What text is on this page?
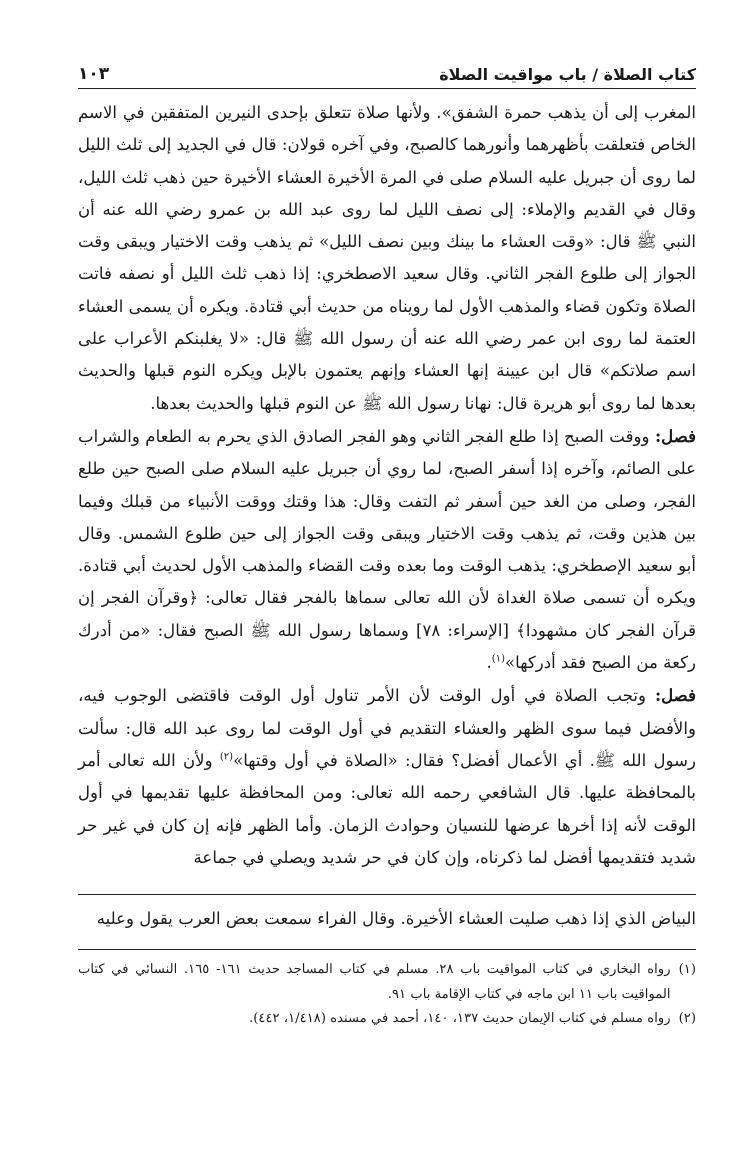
كتاب الصلاة / باب مواقيت الصلاة
١٠٣

المغرب إلى أن يذهب حمرة الشفق». ولأنها صلاة تتعلق بإحدى النيرين المتفقين في الاسم الخاص فتعلقت بأظهرهما وأنورهما كالصبح، وفي آخره قولان: قال في الجديد إلى ثلث الليل لما روى أن جبريل عليه السلام صلى في المرة الأخيرة العشاء الأخيرة حين ذهب ثلث الليل، وقال في القديم والإملاء: إلى نصف الليل لما روى عبد الله بن عمرو رضي الله عنه أن النبي ﷺ قال: «وقت العشاء ما بينك وبين نصف الليل» ثم يذهب وقت الاختيار ويبقى وقت الجواز إلى طلوع الفجر الثاني. وقال سعيد الاصطخري: إذا ذهب ثلث الليل أو نصفه فاتت الصلاة وتكون قضاء والمذهب الأول لما رويناه من حديث أبي قتادة. ويكره أن يسمى العشاء العتمة لما روى ابن عمر رضي الله عنه أن رسول الله ﷺ قال: «لا يغلبنكم الأعراب على اسم صلاتكم» قال ابن عيينة إنها العشاء وإنهم يعتمون بالإبل ويكره النوم قبلها والحديث بعدها لما روى أبو هريرة قال: نهانا رسول الله ﷺ عن النوم قبلها والحديث بعدها.

فصل: ووقت الصبح إذا طلع الفجر الثاني وهو الفجر الصادق الذي يحرم به الطعام والشراب على الصائم، وآخره إذا أسفر الصبح، لما روي أن جبريل عليه السلام صلى الصبح حين طلع الفجر، وصلى من الغد حين أسفر ثم التفت وقال: هذا وقتك ووقت الأنبياء من قبلك وفيما بين هذين وقت، ثم يذهب وقت الاختيار ويبقى وقت الجواز إلى حين طلوع الشمس. وقال أبو سعيد الإصطخري: يذهب الوقت وما بعده وقت القضاء والمذهب الأول لحديث أبي قتادة. ويكره أن تسمى صلاة الغداة لأن الله تعالى سماها بالفجر فقال تعالى: ﴿وقرآن الفجر إن قرآن الفجر كان مشهودا﴾ [الإسراء: ٧٨] وسماها رسول الله ﷺ الصبح فقال: «من أدرك ركعة من الصبح فقد أدركها»$^{(١)}$.

فصل: وتجب الصلاة في أول الوقت لأن الأمر تناول أول الوقت فاقتضى الوجوب فيه، والأفضل فيما سوى الظهر والعشاء التقديم في أول الوقت لما روى عبد الله قال: سألت رسول الله ﷺ. أي الأعمال أفضل؟ فقال: «الصلاة في أول وقتها»$^{(٢)}$ ولأن الله تعالى أمر بالمحافظة عليها. قال الشافعي رحمه الله تعالى: ومن المحافظة عليها تقديمها في أول الوقت لأنه إذا أخرها عرضها للنسيان وحوادث الزمان. وأما الظهر فإنه إن كان في غير حر شديد فتقديمها أفضل لما ذكرناه، وإن كان في حر شديد ويصلي في جماعة

البياض الذي إذا ذهب صليت العشاء الأخيرة. وقال الفراء سمعت بعض العرب يقول وعليه
(١)
رواه البخاري في كتاب المواقيت باب ٢٨. مسلم في كتاب المساجد حديث ١٦١- ١٦٥. النسائي في كتاب المواقيت باب ١١ ابن ماجه في كتاب الإقامة باب ٩١.
(٢)
رواه مسلم في كتاب الإيمان حديث ١٣٧، ١٤٠، أحمد في مسنده (١/٤١٨، ٤٤٢).
